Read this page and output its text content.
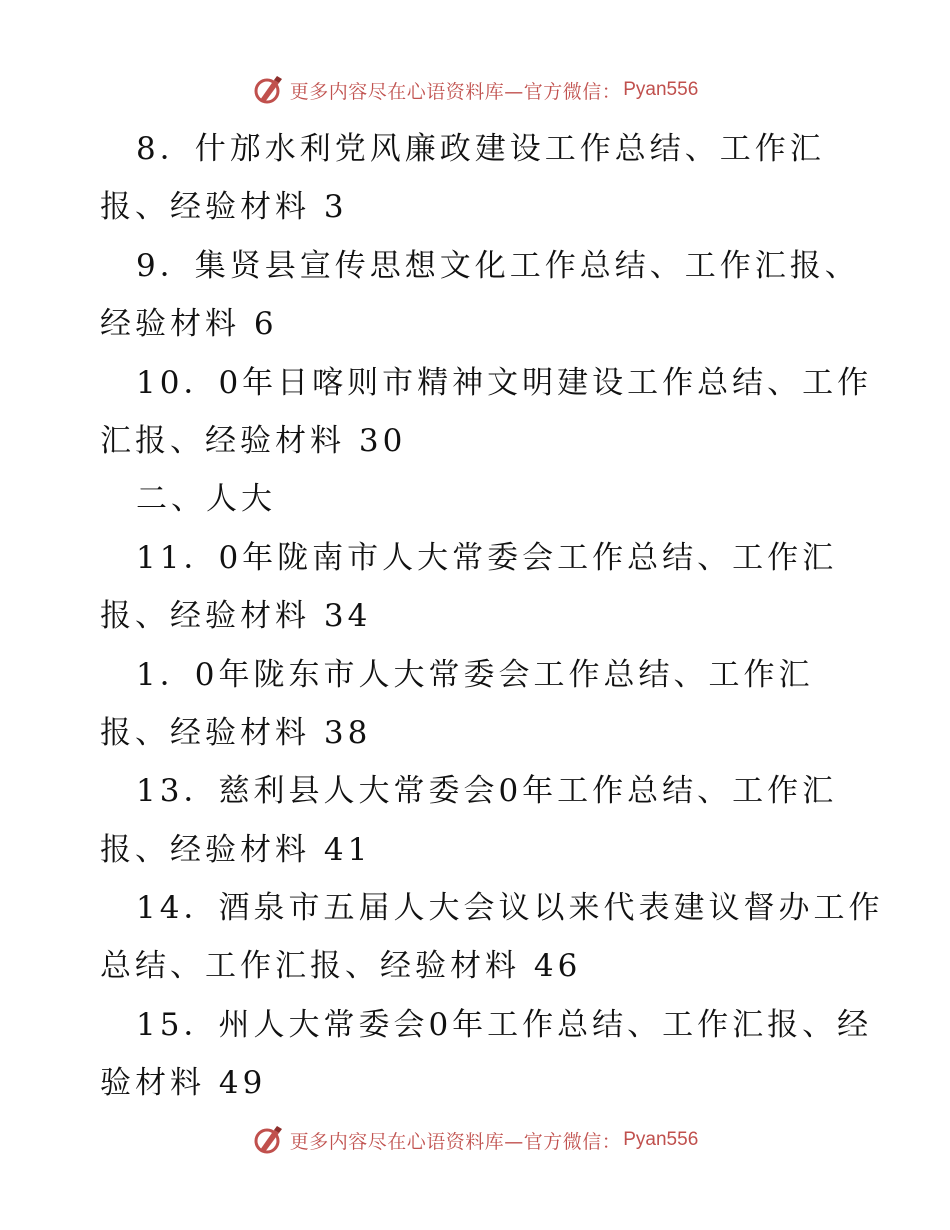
更多内容尽在心语资料库—官方微信： Pyan556
8．什邡水利党风廉政建设工作总结、工作汇
报、经验材料 3
9．集贤县宣传思想文化工作总结、工作汇报、
经验材料 6
10．0年日喀则市精神文明建设工作总结、工作
汇报、经验材料 30
二、人大
11．0年陇南市人大常委会工作总结、工作汇
报、经验材料 34
1．0年陇东市人大常委会工作总结、工作汇
报、经验材料 38
13．慈利县人大常委会0年工作总结、工作汇
报、经验材料 41
14．酒泉市五届人大会议以来代表建议督办工作
总结、工作汇报、经验材料 46
15．州人大常委会0年工作总结、工作汇报、经
验材料 49
更多内容尽在心语资料库—官方微信： Pyan556
